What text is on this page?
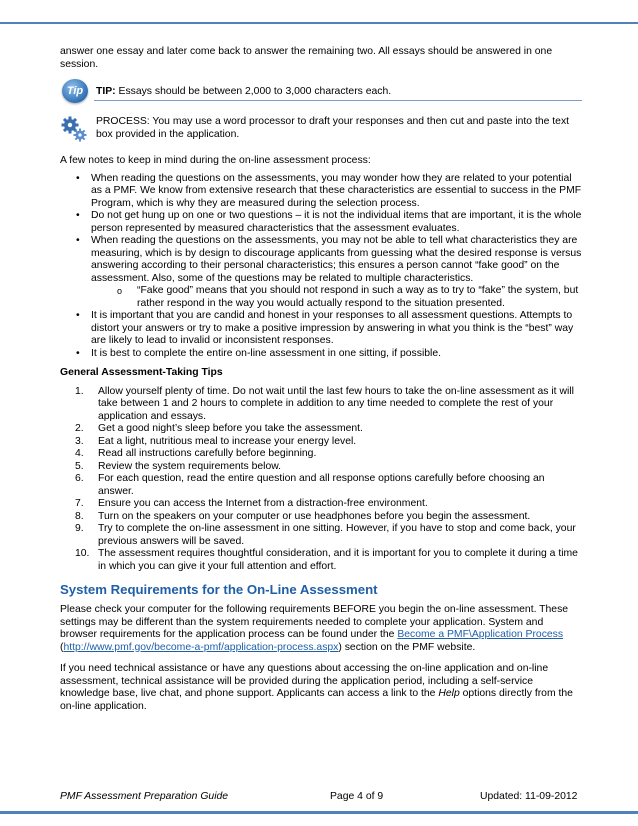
answer one essay and later come back to answer the remaining two. All essays should be answered in one session.

Tip	TIP: Essays should be between 2,000 to 3,000 characters each.
PROCESS: You may use a word processor to draft your responses and then cut and paste into the text box provided in the application.

A few notes to keep in mind during the on-line assessment process:

• When reading the questions on the assessments, you may wonder how they are related to your potential as a PMF. We know from extensive research that these characteristics are essential to success in the PMF Program, which is why they are measured during the selection process.
• Do not get hung up on one or two questions – it is not the individual items that are important, it is the whole person represented by measured characteristics that the assessment evaluates.
• When reading the questions on the assessments, you may not be able to tell what characteristics they are measuring, which is by design to discourage applicants from guessing what the desired response is versus answering according to their personal characteristics; this ensures a person cannot “fake good” on the assessment. Also, some of the questions may be related to multiple characteristics.
o “Fake good” means that you should not respond in such a way as to try to “fake” the system, but rather respond in the way you would actually respond to the situation presented.
• It is important that you are candid and honest in your responses to all assessment questions. Attempts to distort your answers or try to make a positive impression by answering in what you think is the “best” way are likely to lead to invalid or inconsistent responses.
• It is best to complete the entire on-line assessment in one sitting, if possible.
General Assessment-Taking Tips
1.	Allow yourself plenty of time. Do not wait until the last few hours to take the on-line assessment as it will take between 1 and 2 hours to complete in addition to any time needed to complete the rest of your application and essays.
2.	Get a good night’s sleep before you take the assessment.
3.	Eat a light, nutritious meal to increase your energy level.
4.	Read all instructions carefully before beginning.
5.	Review the system requirements below.
6.	For each question, read the entire question and all response options carefully before choosing an answer.
7.	Ensure you can access the Internet from a distraction-free environment.
8.	Turn on the speakers on your computer or use headphones before you begin the assessment.
9.	Try to complete the on-line assessment in one sitting. However, if you have to stop and come back, your previous answers will be saved.
10. The assessment requires thoughtful consideration, and it is important for you to complete it during a time in which you can give it your full attention and effort.
System Requirements for the On-Line Assessment

Please check your computer for the following requirements BEFORE you begin the on-line assessment. These settings may be different than the system requirements needed to complete your application. System and browser requirements for the application process can be found under the Become a PMF\Application Process
(http://www.pmf.gov/become-a-pmf/application-process.aspx) section on the PMF website.

If you need technical assistance or have any questions about accessing the on-line application and on-line assessment, technical assistance will be provided during the application period, including a self-service knowledge base, live chat, and phone support. Applicants can access a link to the Help options directly from the on-line application.

PMF Assessment Preparation Guide	Page 4 of 9	Updated: 11-09-2012
